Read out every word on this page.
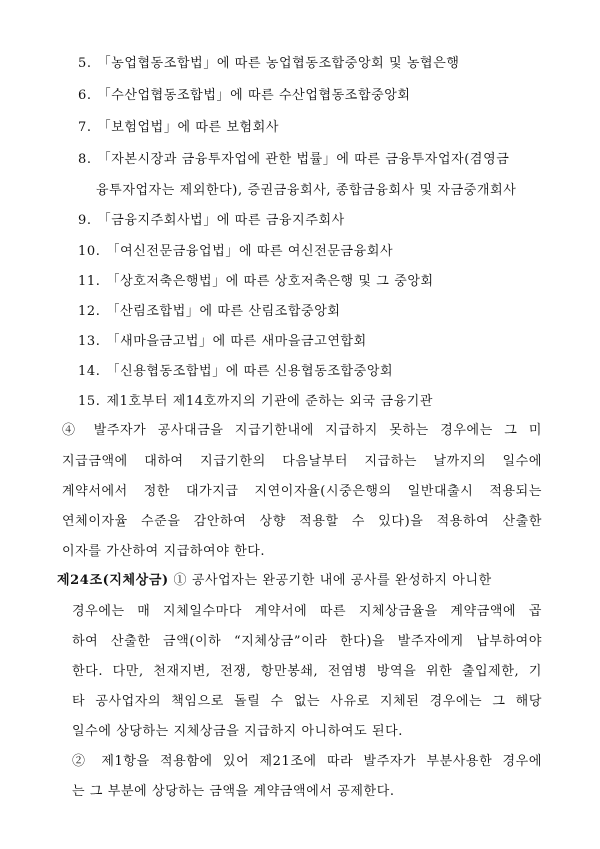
5. 「농업협동조합법」에 따른 농업협동조합중앙회 및 농협은행
6. 「수산업협동조합법」에 따른 수산업협동조합중앙회
7. 「보험업법」에 따른 보험회사
8. 「자본시장과 금융투자업에 관한 법률」에 따른 금융투자업자(겸영금
융투자업자는 제외한다), 증권금융회사, 종합금융회사 및 자금중개회사
9. 「금융지주회사법」에 따른 금융지주회사
10. 「여신전문금융업법」에 따른 여신전문금융회사
11. 「상호저축은행법」에 따른 상호저축은행 및 그 중앙회
12. 「산림조합법」에 따른 산림조합중앙회
13. 「새마을금고법」에 따른 새마을금고연합회
14. 「신용협동조합법」에 따른 신용협동조합중앙회
15. 제1호부터 제14호까지의 기관에 준하는 외국 금융기관
④ 발주자가 공사대금을 지급기한내에 지급하지 못하는 경우에는 그 미
지급금액에 대하여 지급기한의 다음날부터 지급하는 날까지의 일수에
계약서에서 정한 대가지급 지연이자율(시중은행의 일반대출시 적용되는
연체이자율 수준을 감안하여 상향 적용할 수 있다)을 적용하여 산출한
이자를 가산하여 지급하여야 한다.
제24조(지체상금) ① 공사업자는 완공기한 내에 공사를 완성하지 아니한
경우에는 매 지체일수마다 계약서에 따른 지체상금율을 계약금액에 곱
하여 산출한 금액(이하 “지체상금”이라 한다)을 발주자에게 납부하여야
한다. 다만, 천재지변, 전쟁, 항만봉쇄, 전염병 방역을 위한 출입제한, 기
타 공사업자의 책임으로 돌릴 수 없는 사유로 지체된 경우에는 그 해당
일수에 상당하는 지체상금을 지급하지 아니하여도 된다.
② 제1항을 적용함에 있어 제21조에 따라 발주자가 부분사용한 경우에
는 그 부분에 상당하는 금액을 계약금액에서 공제한다.
